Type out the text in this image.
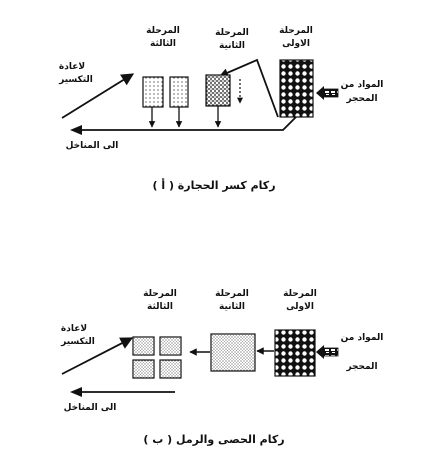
المرحلة
الاولى
المرحلة
الثانية
المرحلة
الثالثة
المواد من
المحجر
لاعادة
التكسير
الى المناخل
( أ ) ركام كسر الحجارة
المرحلة
الاولى
المرحلة
الثانية
المرحلة
الثالثة
المواد من
المحجر
لاعادة
التكسير
الى المناخل
( ب ) ركام الحصى والرمل
